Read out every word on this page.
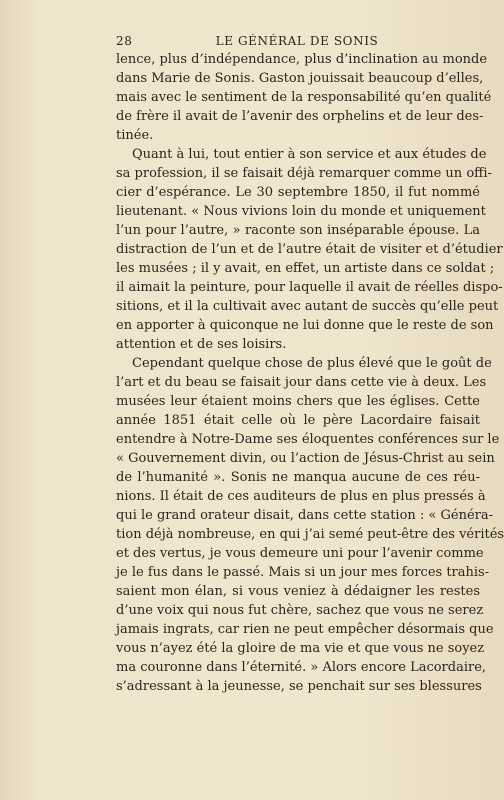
28	LE GÉNÉRAL DE SONIS

lence, plus d’indépendance, plus d’inclination au monde
dans Marie de Sonis. Gaston jouissait beaucoup d’elles,
mais avec le sentiment de la responsabilité qu’en qualité
de frère il avait de l’avenir des orphelins et de leur des-
tinée.

Quant à lui, tout entier à son service et aux études de
sa profession, il se faisait déjà remarquer comme un offi-
cier d’espérance. Le 30 septembre 1850, il fut nommé
lieutenant. « Nous vivions loin du monde et uniquement
l’un pour l’autre, » raconte son inséparable épouse. La
distraction de l’un et de l’autre était de visiter et d’étudier
les musées ; il y avait, en effet, un artiste dans ce soldat ;
il aimait la peinture, pour laquelle il avait de réelles dispo-
sitions, et il la cultivait avec autant de succès qu’elle peut
en apporter à quiconque ne lui donne que le reste de son
attention et de ses loisirs.

Cependant quelque chose de plus élevé que le goût de
l’art et du beau se faisait jour dans cette vie à deux. Les
musées leur étaient moins chers que les églises. Cette
année 1851 était celle où le père Lacordaire faisait
entendre à Notre-Dame ses éloquentes conférences sur le
« Gouvernement divin, ou l’action de Jésus-Christ au sein
de l’humanité ». Sonis ne manqua aucune de ces réu-
nions. Il était de ces auditeurs de plus en plus pressés à
qui le grand orateur disait, dans cette station : « Généra-
tion déjà nombreuse, en qui j’ai semé peut-être des vérités
et des vertus, je vous demeure uni pour l’avenir comme
je le fus dans le passé. Mais si un jour mes forces trahis-
saient mon élan, si vous veniez à dédaigner les restes
d’une voix qui nous fut chère, sachez que vous ne serez
jamais ingrats, car rien ne peut empêcher désormais que
vous n’ayez été la gloire de ma vie et que vous ne soyez
ma couronne dans l’éternité. » Alors encore Lacordaire,
s’adressant à la jeunesse, se penchait sur ses blessures
